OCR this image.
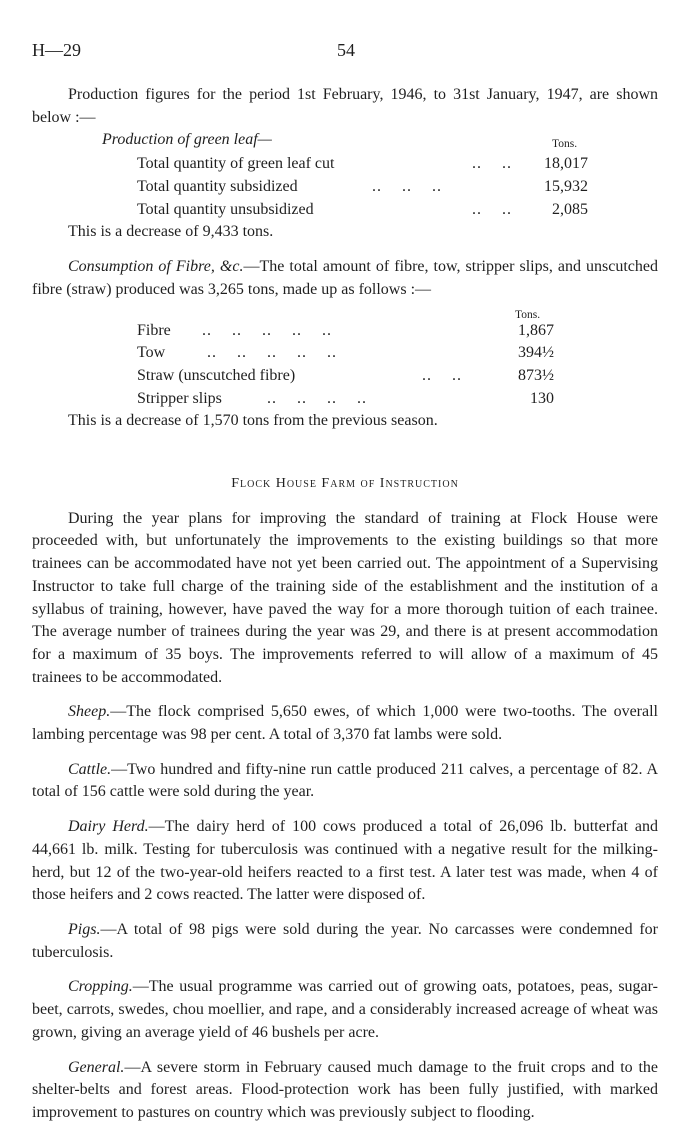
H—29	54

Production figures for the period 1st February, 1946, to 31st January, 1947, are shown below :—

Production of green leaf—	Tons.
Total quantity of green leaf cut	..    ..	18,017
Total quantity subsidized	..    ..    ..	15,932
Total quantity unsubsidized	..    ..	2,085

This is a decrease of 9,433 tons.

Consumption of Fibre, &c.—The total amount of fibre, tow, stripper slips, and unscutched fibre (straw) produced was 3,265 tons, made up as follows :—

Tons.
Fibre ..    ..    ..    ..    ..	1,867
Tow ..    ..    ..    ..    ..	394½
Straw (unscutched fibre)	..    ..	873½
Stripper slips ..    ..    ..    ..	130

This is a decrease of 1,570 tons from the previous season.

Flock House Farm of Instruction

During the year plans for improving the standard of training at Flock House were proceeded with, but unfortunately the improvements to the existing buildings so that more trainees can be accommodated have not yet been carried out. The appointment of a Supervising Instructor to take full charge of the training side of the establishment and the institution of a syllabus of training, however, have paved the way for a more thorough tuition of each trainee. The average number of trainees during the year was 29, and there is at present accommodation for a maximum of 35 boys. The improvements referred to will allow of a maximum of 45 trainees to be accommodated.

Sheep.—The flock comprised 5,650 ewes, of which 1,000 were two-tooths. The overall lambing percentage was 98 per cent. A total of 3,370 fat lambs were sold.

Cattle.—Two hundred and fifty-nine run cattle produced 211 calves, a percentage of 82. A total of 156 cattle were sold during the year.

Dairy Herd.—The dairy herd of 100 cows produced a total of 26,096 lb. butterfat and 44,661 lb. milk. Testing for tuberculosis was continued with a negative result for the milking-herd, but 12 of the two-year-old heifers reacted to a first test. A later test was made, when 4 of those heifers and 2 cows reacted. The latter were disposed of.

Pigs.—A total of 98 pigs were sold during the year. No carcasses were condemned for tuberculosis.

Cropping.—The usual programme was carried out of growing oats, potatoes, peas, sugar-beet, carrots, swedes, chou moellier, and rape, and a considerably increased acreage of wheat was grown, giving an average yield of 46 bushels per acre.

General.—A severe storm in February caused much damage to the fruit crops and to the shelter-belts and forest areas. Flood-protection work has been fully justified, with marked improvement to pastures on country which was previously subject to flooding.
